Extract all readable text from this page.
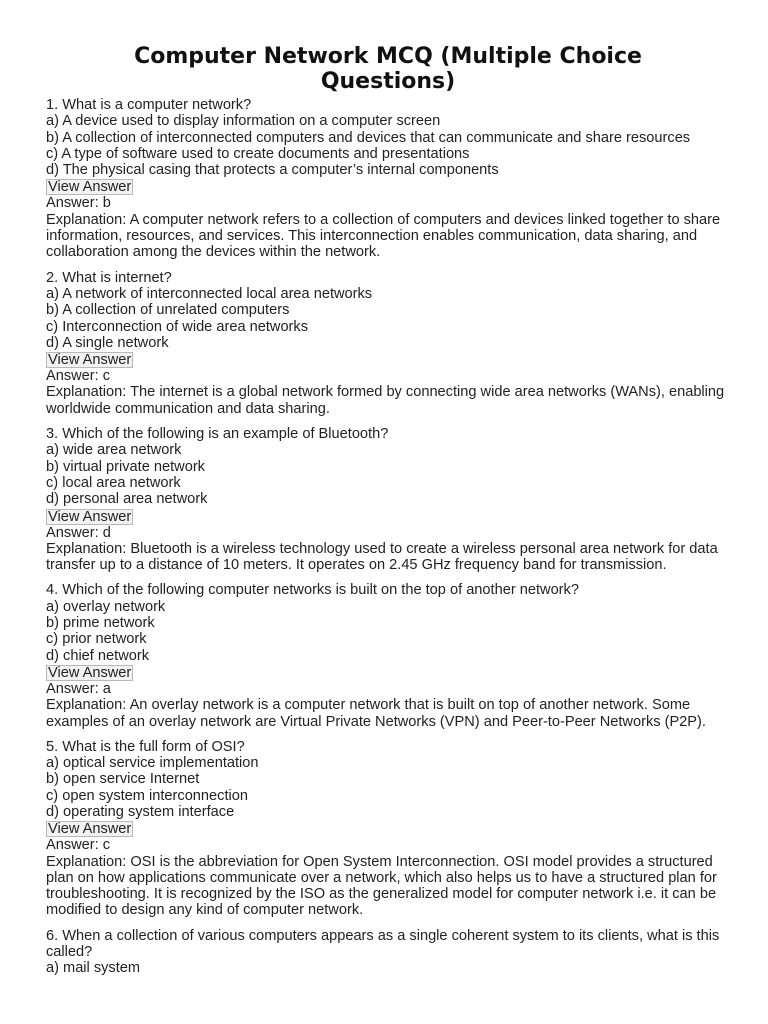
Computer Network MCQ (Multiple Choice Questions)
1. What is a computer network?
a) A device used to display information on a computer screen
b) A collection of interconnected computers and devices that can communicate and share resources
c) A type of software used to create documents and presentations
d) The physical casing that protects a computer’s internal components
View Answer
Answer: b
Explanation: A computer network refers to a collection of computers and devices linked together to share information, resources, and services. This interconnection enables communication, data sharing, and collaboration among the devices within the network.
2. What is internet?
a) A network of interconnected local area networks
b) A collection of unrelated computers
c) Interconnection of wide area networks
d) A single network
View Answer
Answer: c
Explanation: The internet is a global network formed by connecting wide area networks (WANs), enabling worldwide communication and data sharing.
3. Which of the following is an example of Bluetooth?
a) wide area network
b) virtual private network
c) local area network
d) personal area network
View Answer
Answer: d
Explanation: Bluetooth is a wireless technology used to create a wireless personal area network for data transfer up to a distance of 10 meters. It operates on 2.45 GHz frequency band for transmission.
4. Which of the following computer networks is built on the top of another network?
a) overlay network
b) prime network
c) prior network
d) chief network
View Answer
Answer: a
Explanation: An overlay network is a computer network that is built on top of another network. Some examples of an overlay network are Virtual Private Networks (VPN) and Peer-to-Peer Networks (P2P).
5. What is the full form of OSI?
a) optical service implementation
b) open service Internet
c) open system interconnection
d) operating system interface
View Answer
Answer: c
Explanation: OSI is the abbreviation for Open System Interconnection. OSI model provides a structured plan on how applications communicate over a network, which also helps us to have a structured plan for troubleshooting. It is recognized by the ISO as the generalized model for computer network i.e. it can be modified to design any kind of computer network.
6. When a collection of various computers appears as a single coherent system to its clients, what is this called?
a) mail system
